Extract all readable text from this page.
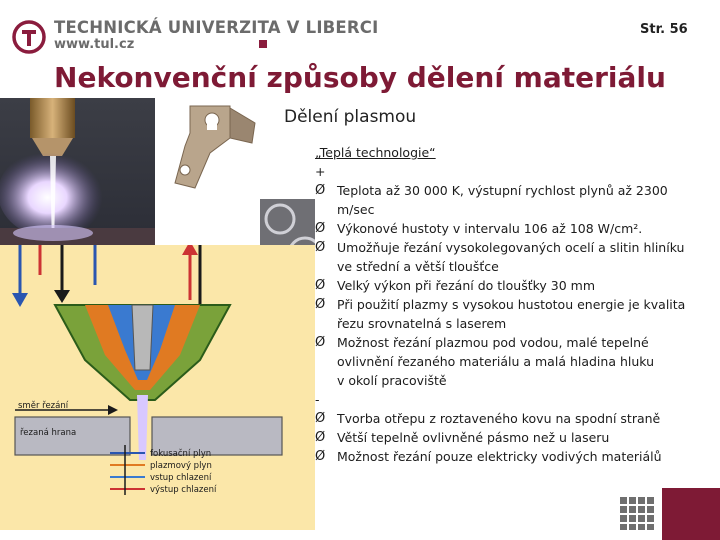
TECHNICKÁ UNIVERZITA V LIBERCI
www.tul.cz
Str. 56
Nekonvenční způsoby dělení materiálu
Dělení plasmou
směr řezání
řezaná hrana
fokusační plyn
plazmový plyn
vstup chlazení
výstup chlazení
„Teplá technologie“
+
Ø Teplota až 30 000 K, výstupní rychlost plynů až 2300
m/sec
Ø Výkonové hustoty v intervalu 106 až 108 W/cm².
Ø Umožňuje řezání vysokolegovaných ocelí a slitin hliníku
ve střední a větší tloušťce
Ø Velký výkon při řezání do tloušťky 30 mm
Ø Při použití plazmy s vysokou hustotou energie je kvalita
řezu srovnatelná s laserem
Ø Možnost řezání plazmou pod vodou, malé tepelné
ovlivnění řezaného materiálu a malá hladina hluku
v okolí pracoviště
-
Ø Tvorba otřepu z roztaveného kovu na spodní straně
Ø Větší tepelně ovlivněné pásmo než u laseru
Ø Možnost řezání pouze elektricky vodivých materiálů
